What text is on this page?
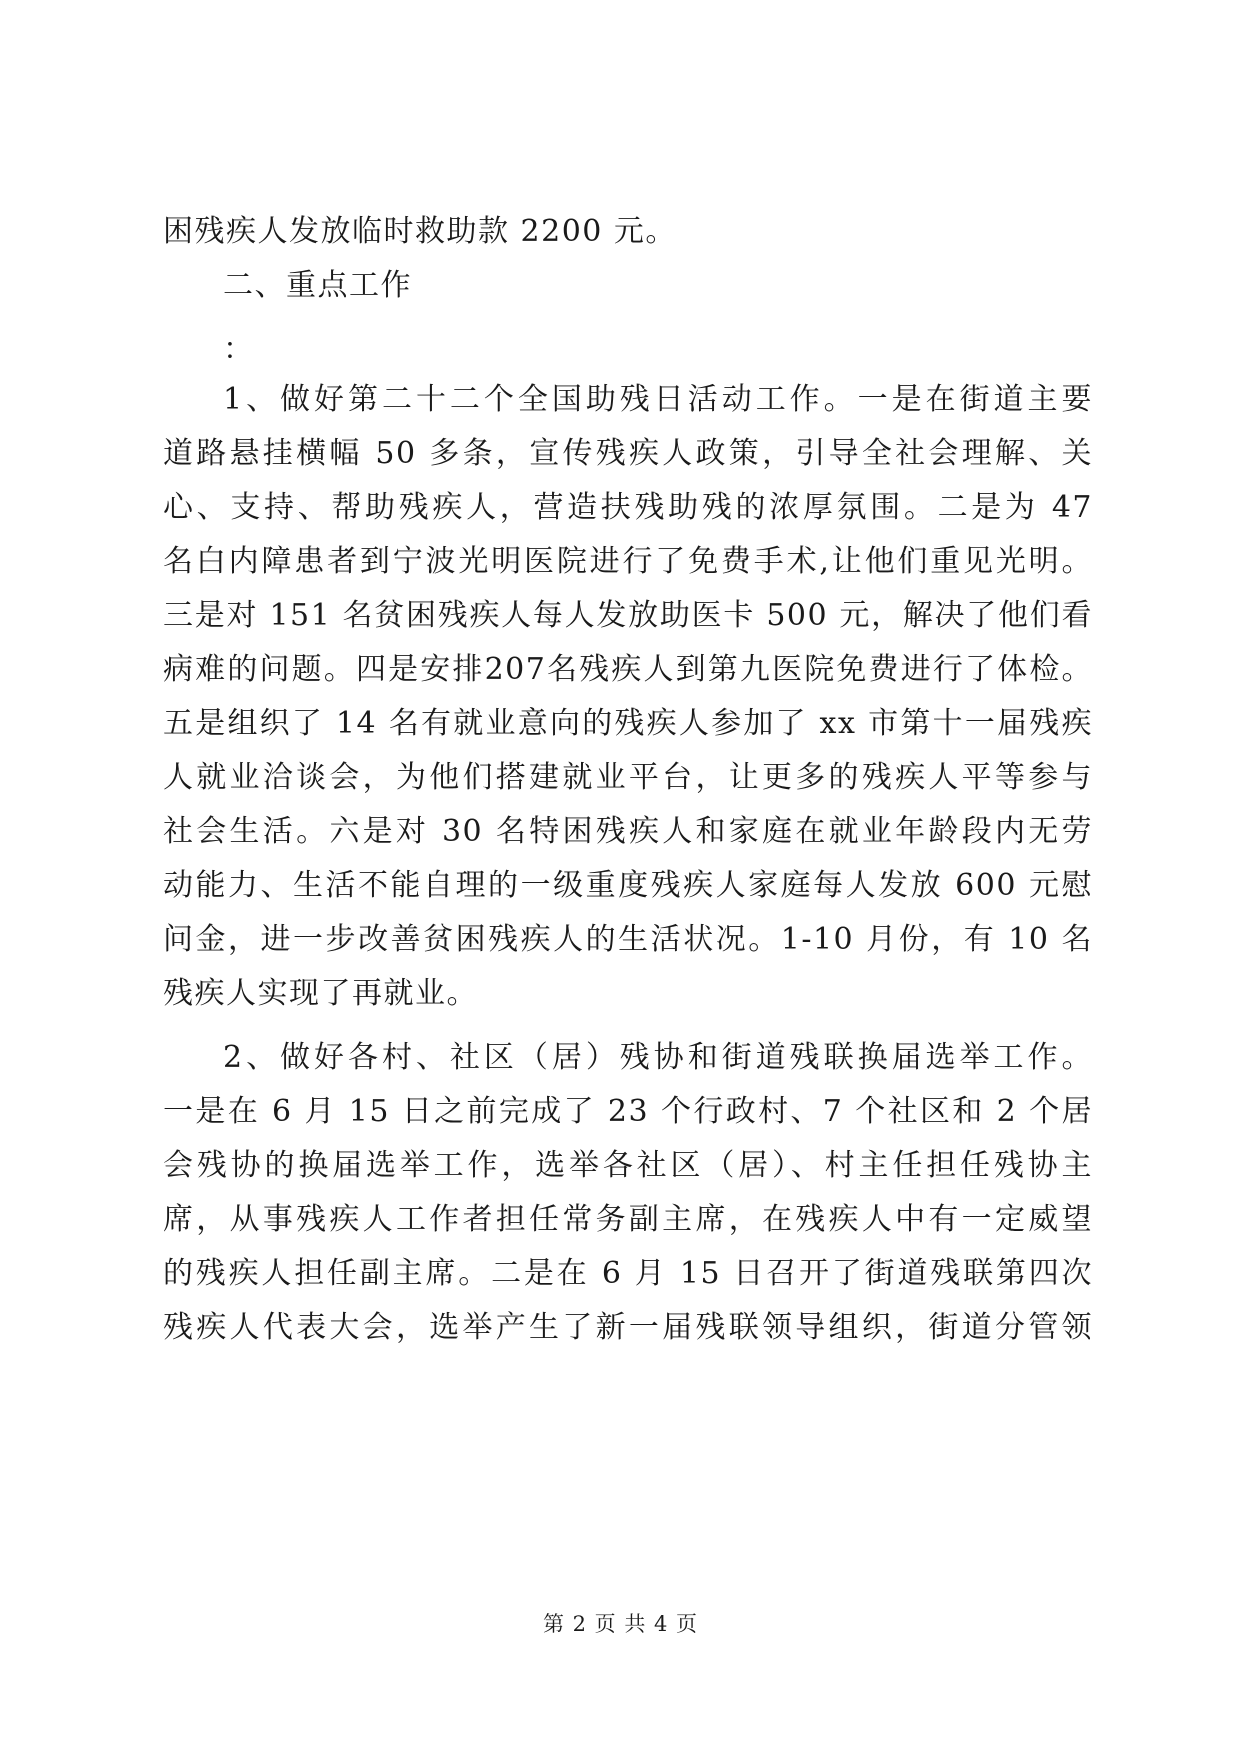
困残疾人发放临时救助款 2200 元。
二、重点工作
：
1、做好第二十二个全国助残日活动工作。一是在街道主要
道路悬挂横幅 50 多条，宣传残疾人政策，引导全社会理解、关
心、支持、帮助残疾人，营造扶残助残的浓厚氛围。二是为 47
名白内障患者到宁波光明医院进行了免费手术,让他们重见光明。
三是对 151 名贫困残疾人每人发放助医卡 500 元，解决了他们看
病难的问题。四是安排207名残疾人到第九医院免费进行了体检。
五是组织了 14 名有就业意向的残疾人参加了 xx 市第十一届残疾
人就业洽谈会，为他们搭建就业平台，让更多的残疾人平等参与
社会生活。六是对 30 名特困残疾人和家庭在就业年龄段内无劳
动能力、生活不能自理的一级重度残疾人家庭每人发放 600 元慰
问金，进一步改善贫困残疾人的生活状况。1-10 月份，有 10 名
残疾人实现了再就业。
2、做好各村、社区（居）残协和街道残联换届选举工作。
一是在 6 月 15 日之前完成了 23 个行政村、7 个社区和 2 个居
会残协的换届选举工作，选举各社区（居）、村主任担任残协主
席，从事残疾人工作者担任常务副主席，在残疾人中有一定威望
的残疾人担任副主席。二是在 6 月 15 日召开了街道残联第四次
残疾人代表大会，选举产生了新一届残联领导组织，街道分管领
第 2 页 共 4 页
